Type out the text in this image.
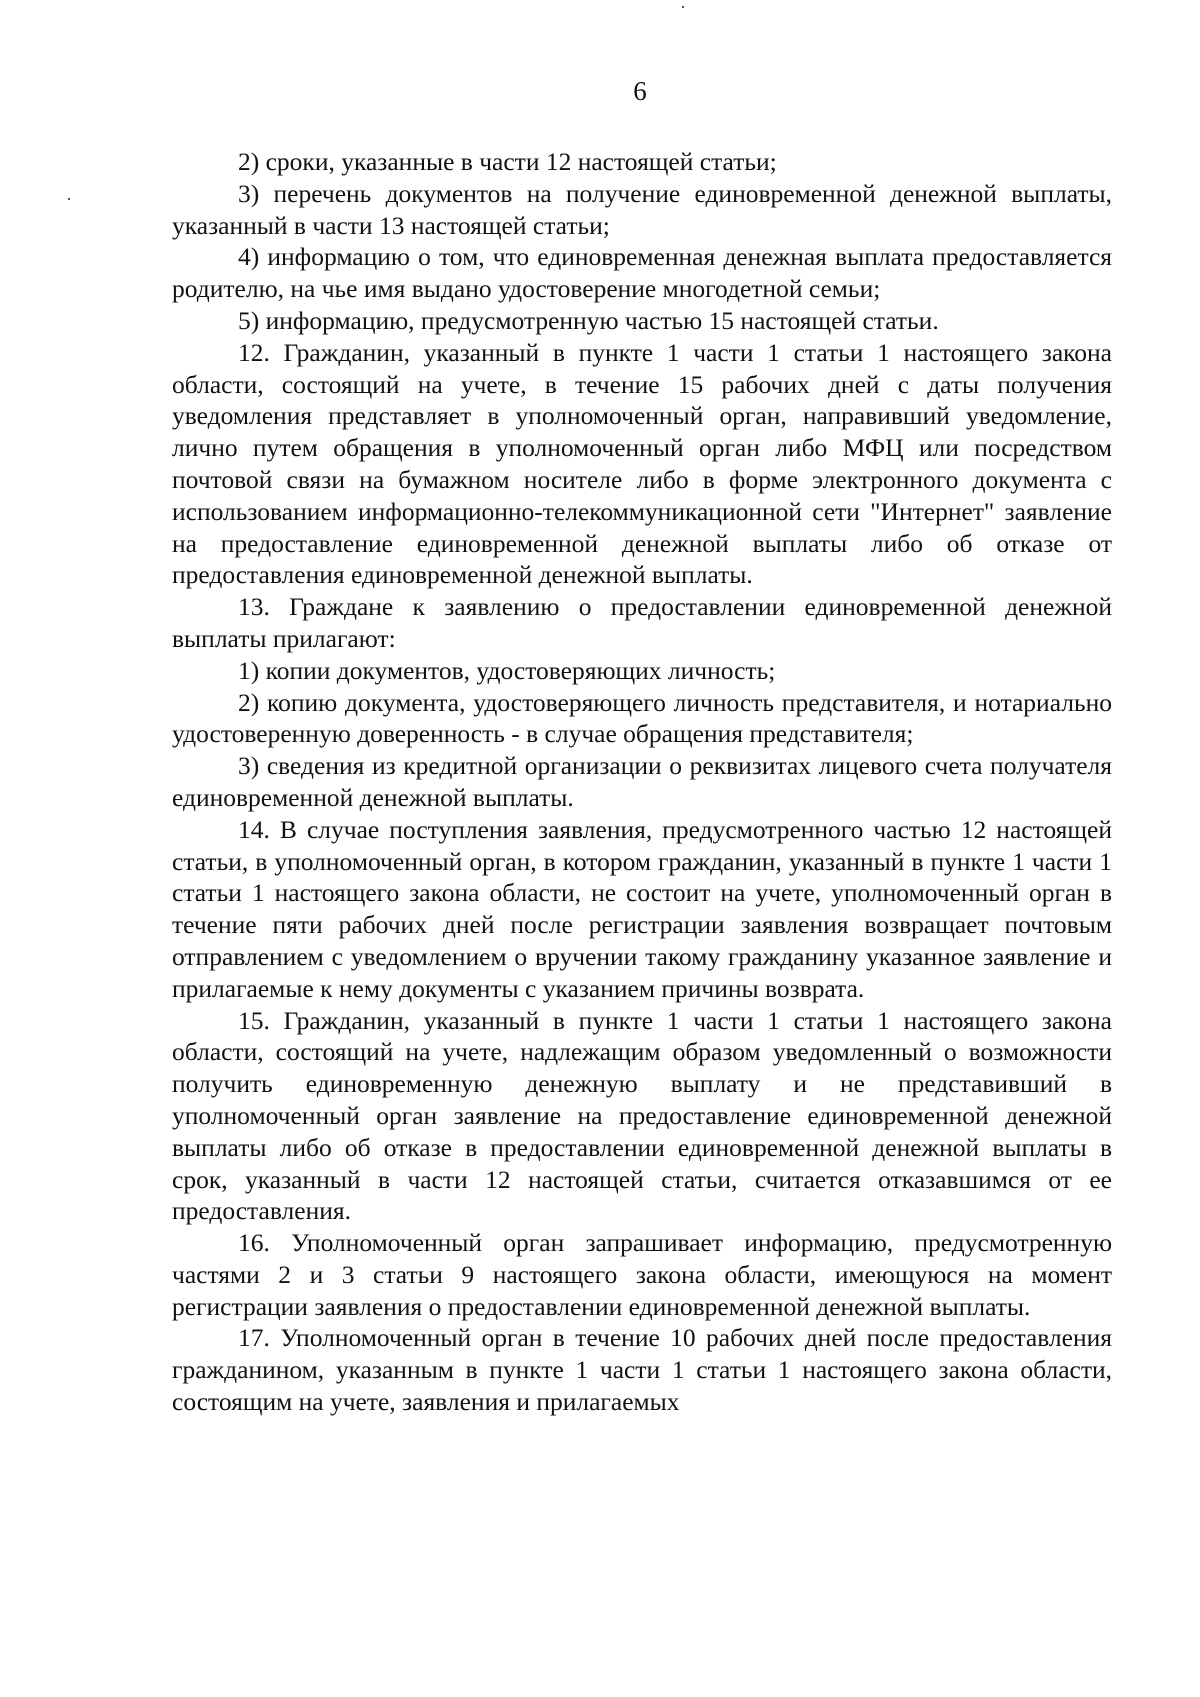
6

2) сроки, указанные в части 12 настоящей статьи;

3) перечень документов на получение единовременной денежной выплаты, указанный в части 13 настоящей статьи;

4) информацию о том, что единовременная денежная выплата предоставляется родителю, на чье имя выдано удостоверение многодетной семьи;

5) информацию, предусмотренную частью 15 настоящей статьи.

12. Гражданин, указанный в пункте 1 части 1 статьи 1 настоящего закона области, состоящий на учете, в течение 15 рабочих дней с даты получения уведомления представляет в уполномоченный орган, направивший уведомление, лично путем обращения в уполномоченный орган либо МФЦ или посредством почтовой связи на бумажном носителе либо в форме электронного документа с использованием информационно-телекоммуникационной сети "Интернет" заявление на предоставление единовременной денежной выплаты либо об отказе от предоставления единовременной денежной выплаты.

13. Граждане к заявлению о предоставлении единовременной денежной выплаты прилагают:

1) копии документов, удостоверяющих личность;

2) копию документа, удостоверяющего личность представителя, и нотариально удостоверенную доверенность - в случае обращения представителя;

3) сведения из кредитной организации о реквизитах лицевого счета получателя единовременной денежной выплаты.

14. В случае поступления заявления, предусмотренного частью 12 настоящей статьи, в уполномоченный орган, в котором гражданин, указанный в пункте 1 части 1 статьи 1 настоящего закона области, не состоит на учете, уполномоченный орган в течение пяти рабочих дней после регистрации заявления возвращает почтовым отправлением с уведомлением о вручении такому гражданину указанное заявление и прилагаемые к нему документы с указанием причины возврата.

15. Гражданин, указанный в пункте 1 части 1 статьи 1 настоящего закона области, состоящий на учете, надлежащим образом уведомленный о возможности получить единовременную денежную выплату и не представивший в уполномоченный орган заявление на предоставление единовременной денежной выплаты либо об отказе в предоставлении единовременной денежной выплаты в срок, указанный в части 12 настоящей статьи, считается отказавшимся от ее предоставления.

16. Уполномоченный орган запрашивает информацию, предусмотренную частями 2 и 3 статьи 9 настоящего закона области, имеющуюся на момент регистрации заявления о предоставлении единовременной денежной выплаты.

17. Уполномоченный орган в течение 10 рабочих дней после предоставления гражданином, указанным в пункте 1 части 1 статьи 1 настоящего закона области, состоящим на учете, заявления и прилагаемых
